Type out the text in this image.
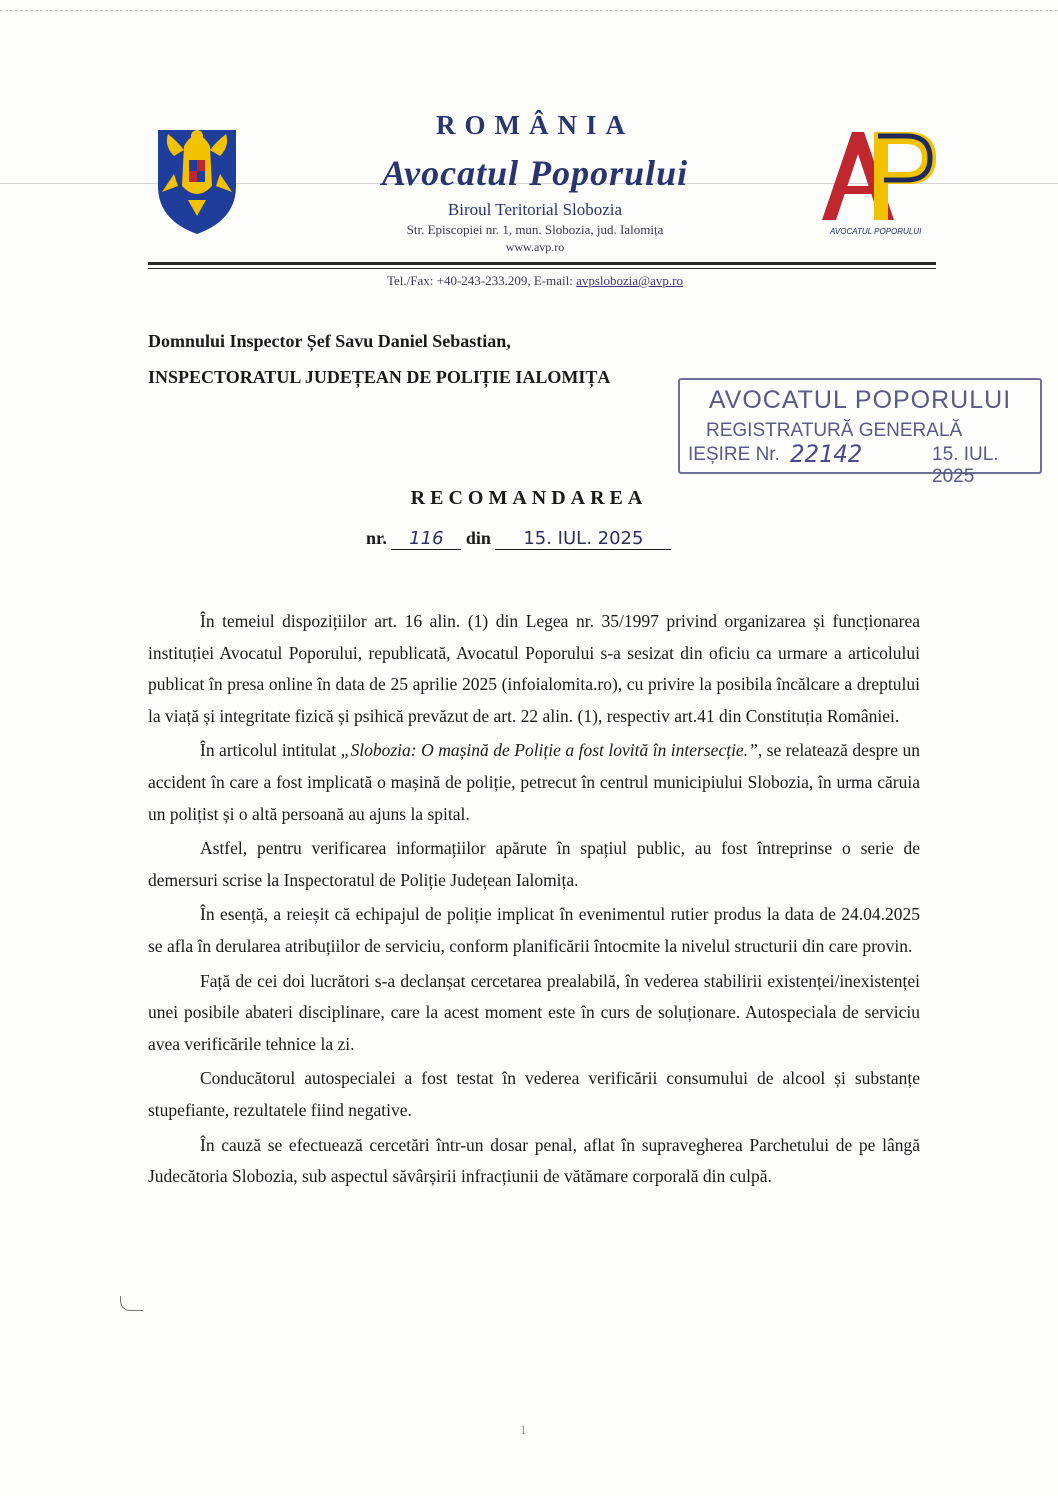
AVOCATUL POPORULUI
ROMÂNIA
Avocatul Poporului
Biroul Teritorial Slobozia
Str. Episcopiei nr. 1, mun. Slobozia, jud. Ialomița
www.avp.ro
Tel./Fax: +40-243-233.209, E-mail: avpslobozia@avp.ro
Domnului Inspector Șef Savu Daniel Sebastian,
INSPECTORATUL JUDEȚEAN DE POLIȚIE IALOMIȚA
AVOCATUL POPORULUI
REGISTRATURĂ GENERALĂ
IEȘIRE Nr. 22142	15. IUL. 2025
RECOMANDAREA
nr. 116 din 15. IUL. 2025

În temeiul dispozițiilor art. 16 alin. (1) din Legea nr. 35/1997 privind organizarea și funcționarea instituției Avocatul Poporului, republicată, Avocatul Poporului s-a sesizat din oficiu ca urmare a articolului publicat în presa online în data de 25 aprilie 2025 (infoialomita.ro), cu privire la posibila încălcare a dreptului la viață și integritate fizică și psihică prevăzut de art. 22 alin. (1), respectiv art.41 din Constituția României.

În articolul intitulat „Slobozia: O mașină de Poliție a fost lovită în intersecție.”, se relatează despre un accident în care a fost implicată o mașină de poliție, petrecut în centrul municipiului Slobozia, în urma căruia un polițist și o altă persoană au ajuns la spital.

Astfel, pentru verificarea informațiilor apărute în spațiul public, au fost întreprinse o serie de demersuri scrise la Inspectoratul de Poliție Județean Ialomița.

În esență, a reieșit că echipajul de poliție implicat în evenimentul rutier produs la data de 24.04.2025 se afla în derularea atribuțiilor de serviciu, conform planificării întocmite la nivelul structurii din care provin.

Față de cei doi lucrători s-a declanșat cercetarea prealabilă, în vederea stabilirii existenței/inexistenței unei posibile abateri disciplinare, care la acest moment este în curs de soluționare. Autospeciala de serviciu avea verificările tehnice la zi.

Conducătorul autospecialei a fost testat în vederea verificării consumului de alcool și substanțe stupefiante, rezultatele fiind negative.

În cauză se efectuează cercetări într-un dosar penal, aflat în supravegherea Parchetului de pe lângă Judecătoria Slobozia, sub aspectul săvârșirii infracțiunii de vătămare corporală din culpă.

1
